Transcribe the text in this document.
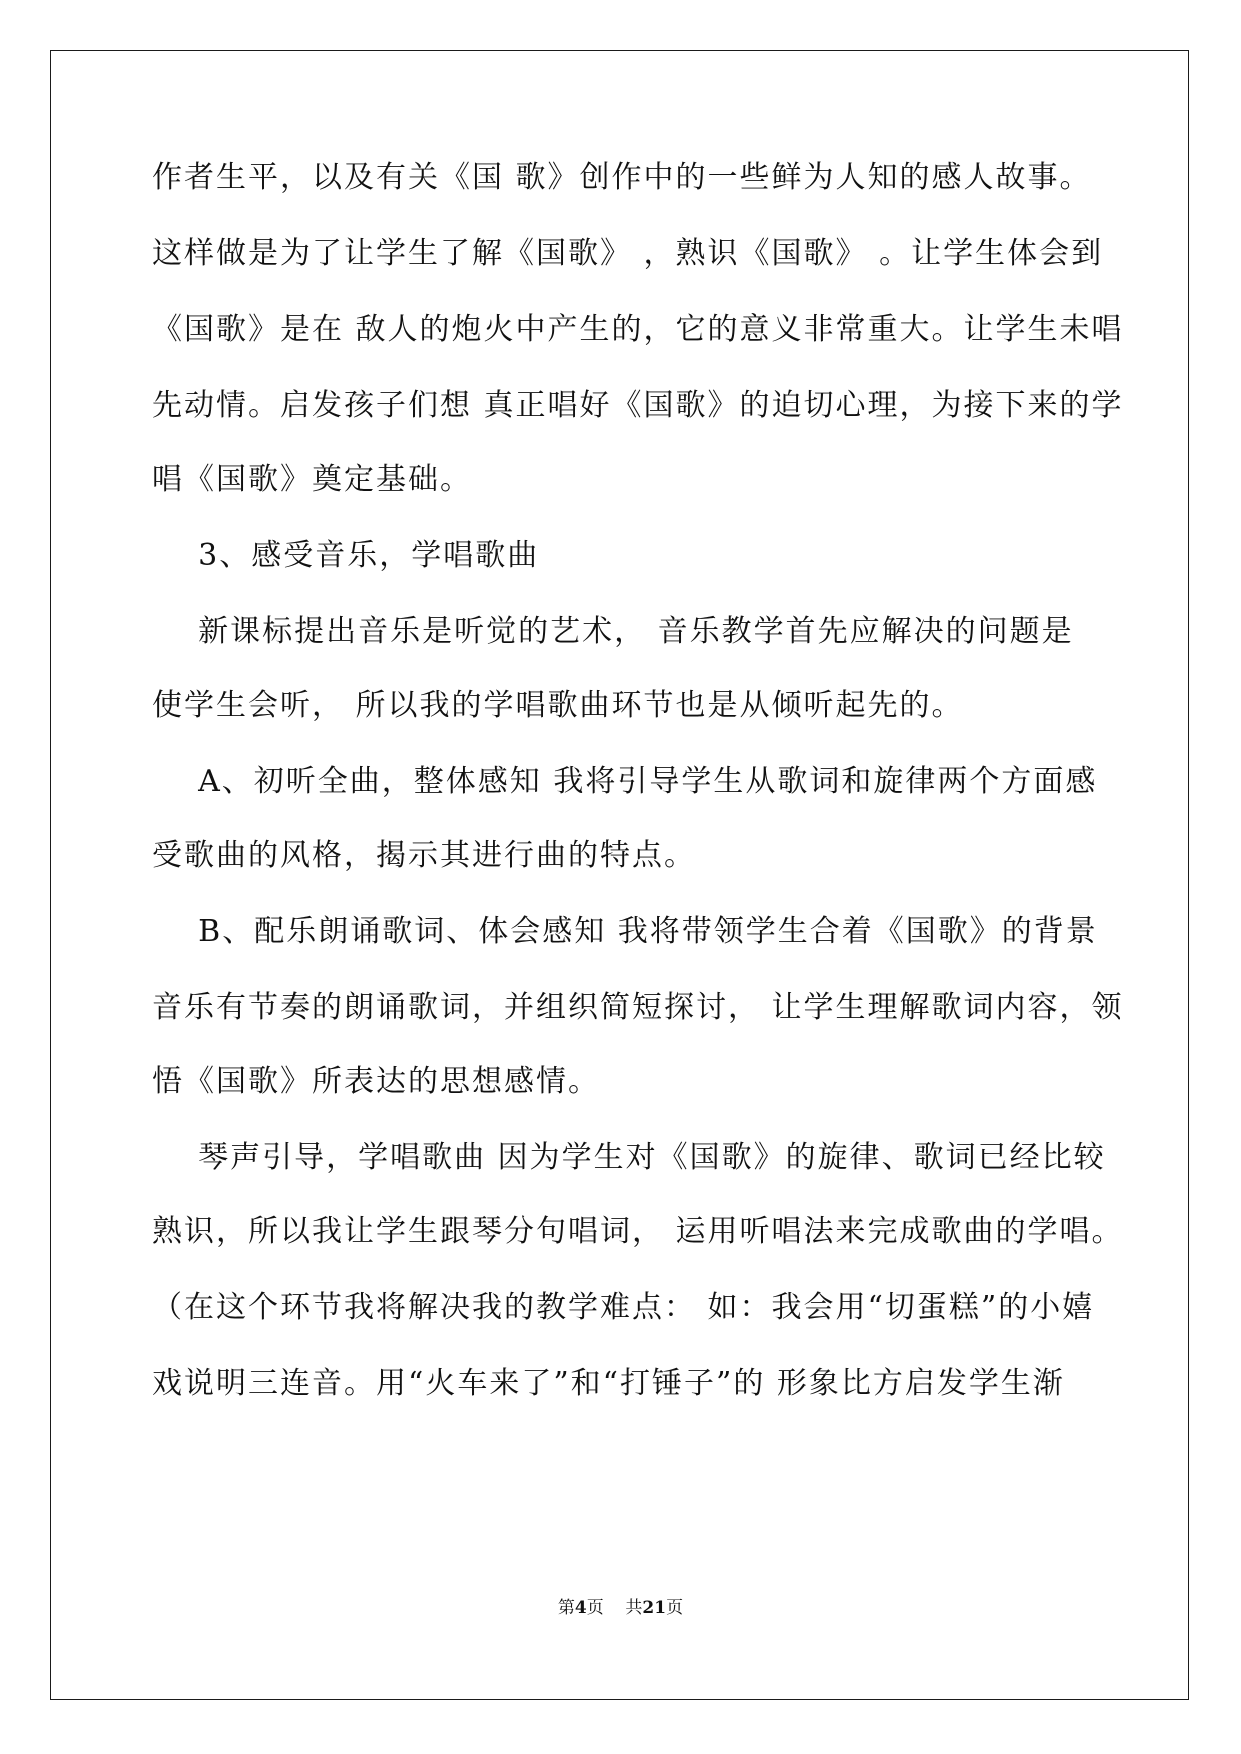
作者生平，以及有关《国 歌》创作中的一些鲜为人知的感人故事。
这样做是为了让学生了解《国歌》 ，熟识《国歌》 。让学生体会到
《国歌》是在 敌人的炮火中产生的，它的意义非常重大。让学生未唱
先动情。启发孩子们想 真正唱好《国歌》的迫切心理，为接下来的学
唱《国歌》奠定基础。
3、感受音乐，学唱歌曲
新课标提出音乐是听觉的艺术， 音乐教学首先应解决的问题是
使学生会听， 所以我的学唱歌曲环节也是从倾听起先的。
A、初听全曲，整体感知 我将引导学生从歌词和旋律两个方面感
受歌曲的风格，揭示其进行曲的特点。
B、配乐朗诵歌词、体会感知 我将带领学生合着《国歌》的背景
音乐有节奏的朗诵歌词，并组织简短探讨， 让学生理解歌词内容，领
悟《国歌》所表达的思想感情。
琴声引导，学唱歌曲 因为学生对《国歌》的旋律、歌词已经比较
熟识，所以我让学生跟琴分句唱词， 运用听唱法来完成歌曲的学唱。
（在这个环节我将解决我的教学难点： 如：我会用“切蛋糕”的小嬉
戏说明三连音。用“火车来了”和“打锤子”的 形象比方启发学生渐
第4页 共21页
